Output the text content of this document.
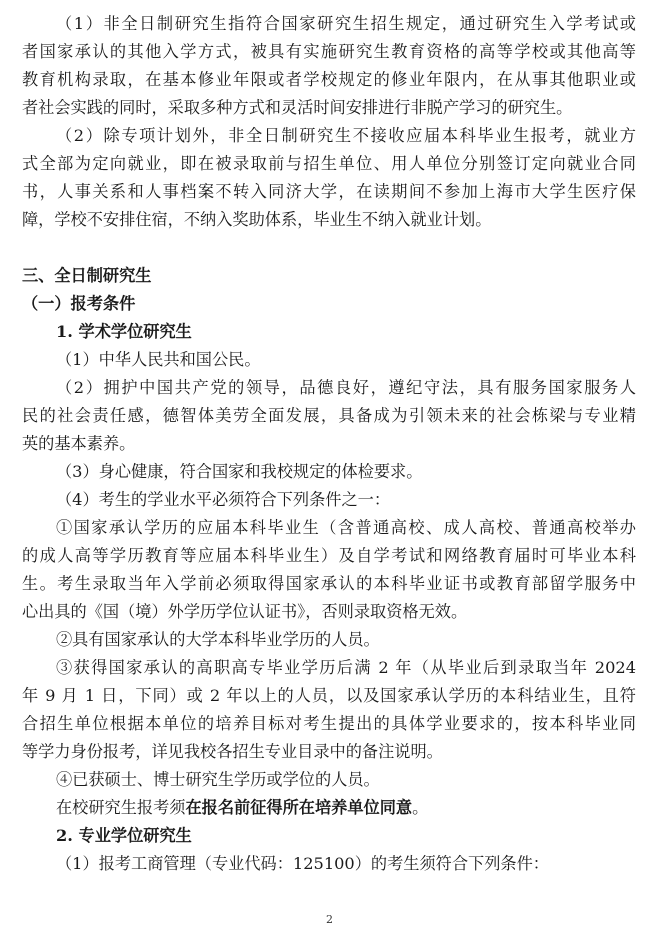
（1）非全日制研究生指符合国家研究生招生规定，通过研究生入学考试或
者国家承认的其他入学方式，被具有实施研究生教育资格的高等学校或其他高等
教育机构录取，在基本修业年限或者学校规定的修业年限内，在从事其他职业或
者社会实践的同时，采取多种方式和灵活时间安排进行非脱产学习的研究生。
（2）除专项计划外，非全日制研究生不接收应届本科毕业生报考，就业方
式全部为定向就业，即在被录取前与招生单位、用人单位分别签订定向就业合同
书，人事关系和人事档案不转入同济大学，在读期间不参加上海市大学生医疗保
障，学校不安排住宿，不纳入奖助体系，毕业生不纳入就业计划。
三、全日制研究生
（一）报考条件
1. 学术学位研究生
（1）中华人民共和国公民。
（2）拥护中国共产党的领导，品德良好，遵纪守法，具有服务国家服务人
民的社会责任感，德智体美劳全面发展，具备成为引领未来的社会栋梁与专业精
英的基本素养。
（3）身心健康，符合国家和我校规定的体检要求。
（4）考生的学业水平必须符合下列条件之一：
①国家承认学历的应届本科毕业生（含普通高校、成人高校、普通高校举办
的成人高等学历教育等应届本科毕业生）及自学考试和网络教育届时可毕业本科
生。考生录取当年入学前必须取得国家承认的本科毕业证书或教育部留学服务中
心出具的《国（境）外学历学位认证书》，否则录取资格无效。
②具有国家承认的大学本科毕业学历的人员。
③获得国家承认的高职高专毕业学历后满 2 年（从毕业后到录取当年 2024
年 9 月 1 日，下同）或 2 年以上的人员，以及国家承认学历的本科结业生，且符
合招生单位根据本单位的培养目标对考生提出的具体学业要求的，按本科毕业同
等学力身份报考，详见我校各招生专业目录中的备注说明。
④已获硕士、博士研究生学历或学位的人员。
在校研究生报考须在报名前征得所在培养单位同意。
2. 专业学位研究生
（1）报考工商管理（专业代码：125100）的考生须符合下列条件：
2
